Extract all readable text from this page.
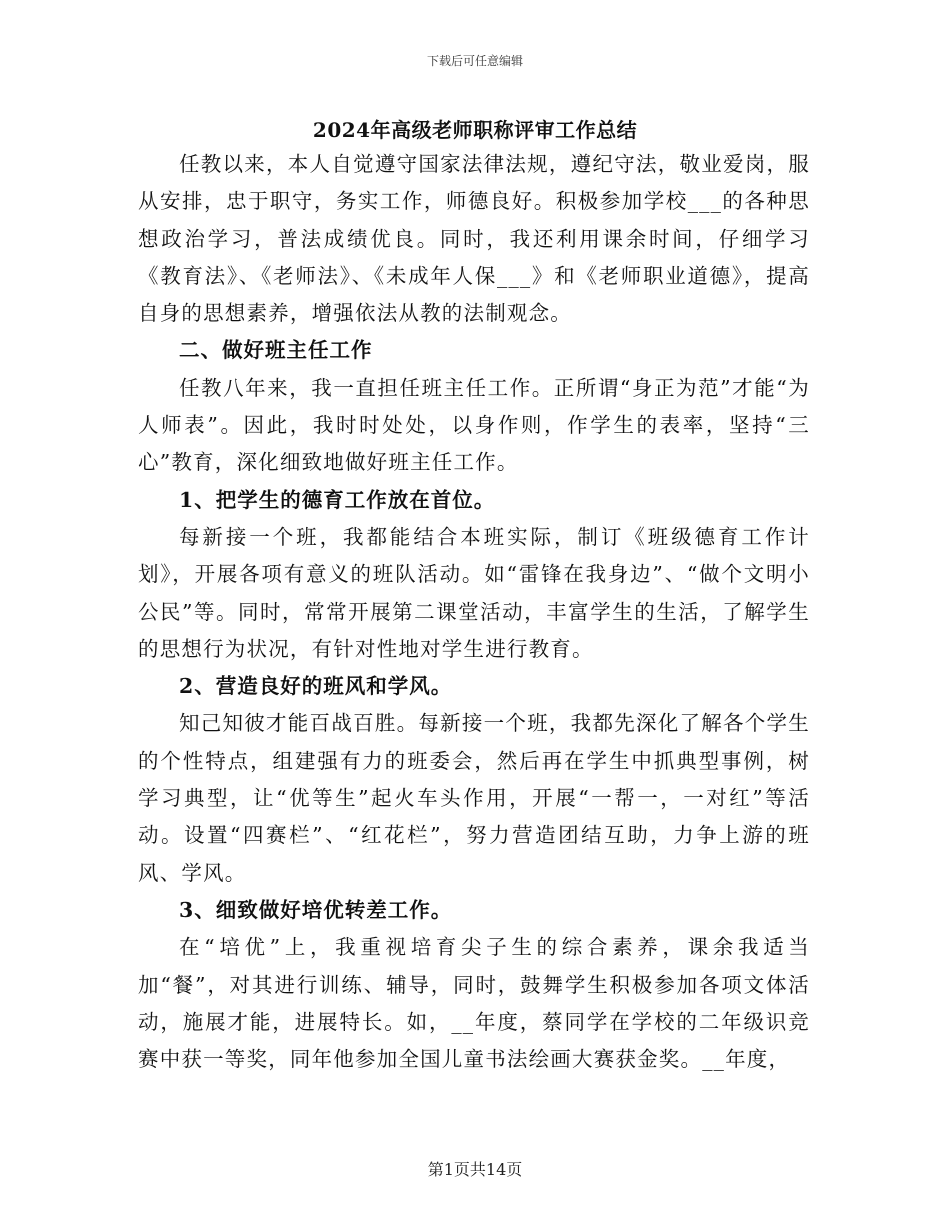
下载后可任意编辑
2024年高级老师职称评审工作总结

任教以来，本人自觉遵守国家法律法规，遵纪守法，敬业爱岗，服从安排，忠于职守，务实工作，师德良好。积极参加学校___的各种思想政治学习，普法成绩优良。同时，我还利用课余时间，仔细学习《教育法》、《老师法》、《未成年人保___》和《老师职业道德》，提高自身的思想素养，增强依法从教的法制观念。

二、做好班主任工作

任教八年来，我一直担任班主任工作。正所谓“身正为范”才能“为人师表”。因此，我时时处处，以身作则，作学生的表率，坚持“三心”教育，深化细致地做好班主任工作。

1、把学生的德育工作放在首位。

每新接一个班，我都能结合本班实际，制订《班级德育工作计划》，开展各项有意义的班队活动。如“雷锋在我身边”、“做个文明小公民”等。同时，常常开展第二课堂活动，丰富学生的生活，了解学生的思想行为状况，有针对性地对学生进行教育。

2、营造良好的班风和学风。

知己知彼才能百战百胜。每新接一个班，我都先深化了解各个学生的个性特点，组建强有力的班委会，然后再在学生中抓典型事例，树学习典型，让“优等生”起火车头作用，开展“一帮一，一对红”等活动。设置“四赛栏”、“红花栏”，努力营造团结互助，力争上游的班风、学风。

3、细致做好培优转差工作。

在“培优”上，我重视培育尖子生的综合素养，课余我适当加“餐”，对其进行训练、辅导，同时，鼓舞学生积极参加各项文体活动，施展才能，进展特长。如，__年度，蔡同学在学校的二年级识竞赛中获一等奖，同年他参加全国儿童书法绘画大赛获金奖。__年度，

第1页共14页
